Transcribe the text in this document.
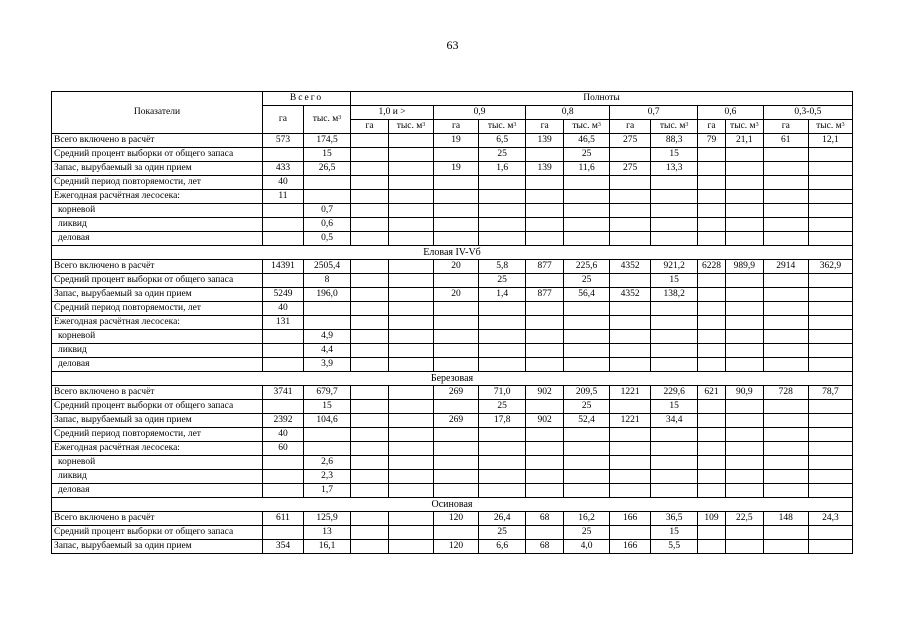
63
Показатели	Всего		Полноты											
	га	тыс. $м^3$	1,0 и >		0,9		0,8		0,7		0,6		0,3-0,5	
			га	тыс. $м^3$	га	тыс. $м^3$	га	тыс. $м^3$	га	тыс. $м^3$	га	тыс. $м^3$	га	тыс. $м^3$
Всего включено в расчёт	573	174,5			19	6,5	139	46,5	275	88,3	79	21,1	61	12,1
Средний процент выборки от общего запаса		15				25		25		15				
Запас, вырубаемый за один прием	433	26,5			19	1,6	139	11,6	275	13,3				
Средний период повторяемости, лет	40													
Ежегодная расчётная лесосека:	11													
корневой		0,7												
ликвид		0,6												
деловая		0,5												
Еловая IV-Vб														
Всего включено в расчёт	14391	2505,4			20	5,8	877	225,6	4352	921,2	6228	989,9	2914	362,9
Средний процент выборки от общего запаса		8				25		25		15				
Запас, вырубаемый за один прием	5249	196,0			20	1,4	877	56,4	4352	138,2				
Средний период повторяемости, лет	40													
Ежегодная расчётная лесосека:	131													
корневой		4,9												
ликвид		4,4												
деловая		3,9												
Березовая														
Всего включено в расчёт	3741	679,7			269	71,0	902	209,5	1221	229,6	621	90,9	728	78,7
Средний процент выборки от общего запаса		15				25		25		15				
Запас, вырубаемый за один прием	2392	104,6			269	17,8	902	52,4	1221	34,4				
Средний период повторяемости, лет	40													
Ежегодная расчётная лесосека:	60													
корневой		2,6												
ликвид		2,3												
деловая		1,7												
Осиновая														
Всего включено в расчёт	611	125,9			120	26,4	68	16,2	166	36,5	109	22,5	148	24,3
Средний процент выборки от общего запаса		13				25		25		15				
Запас, вырубаемый за один прием	354	16,1			120	6,6	68	4,0	166	5,5				
